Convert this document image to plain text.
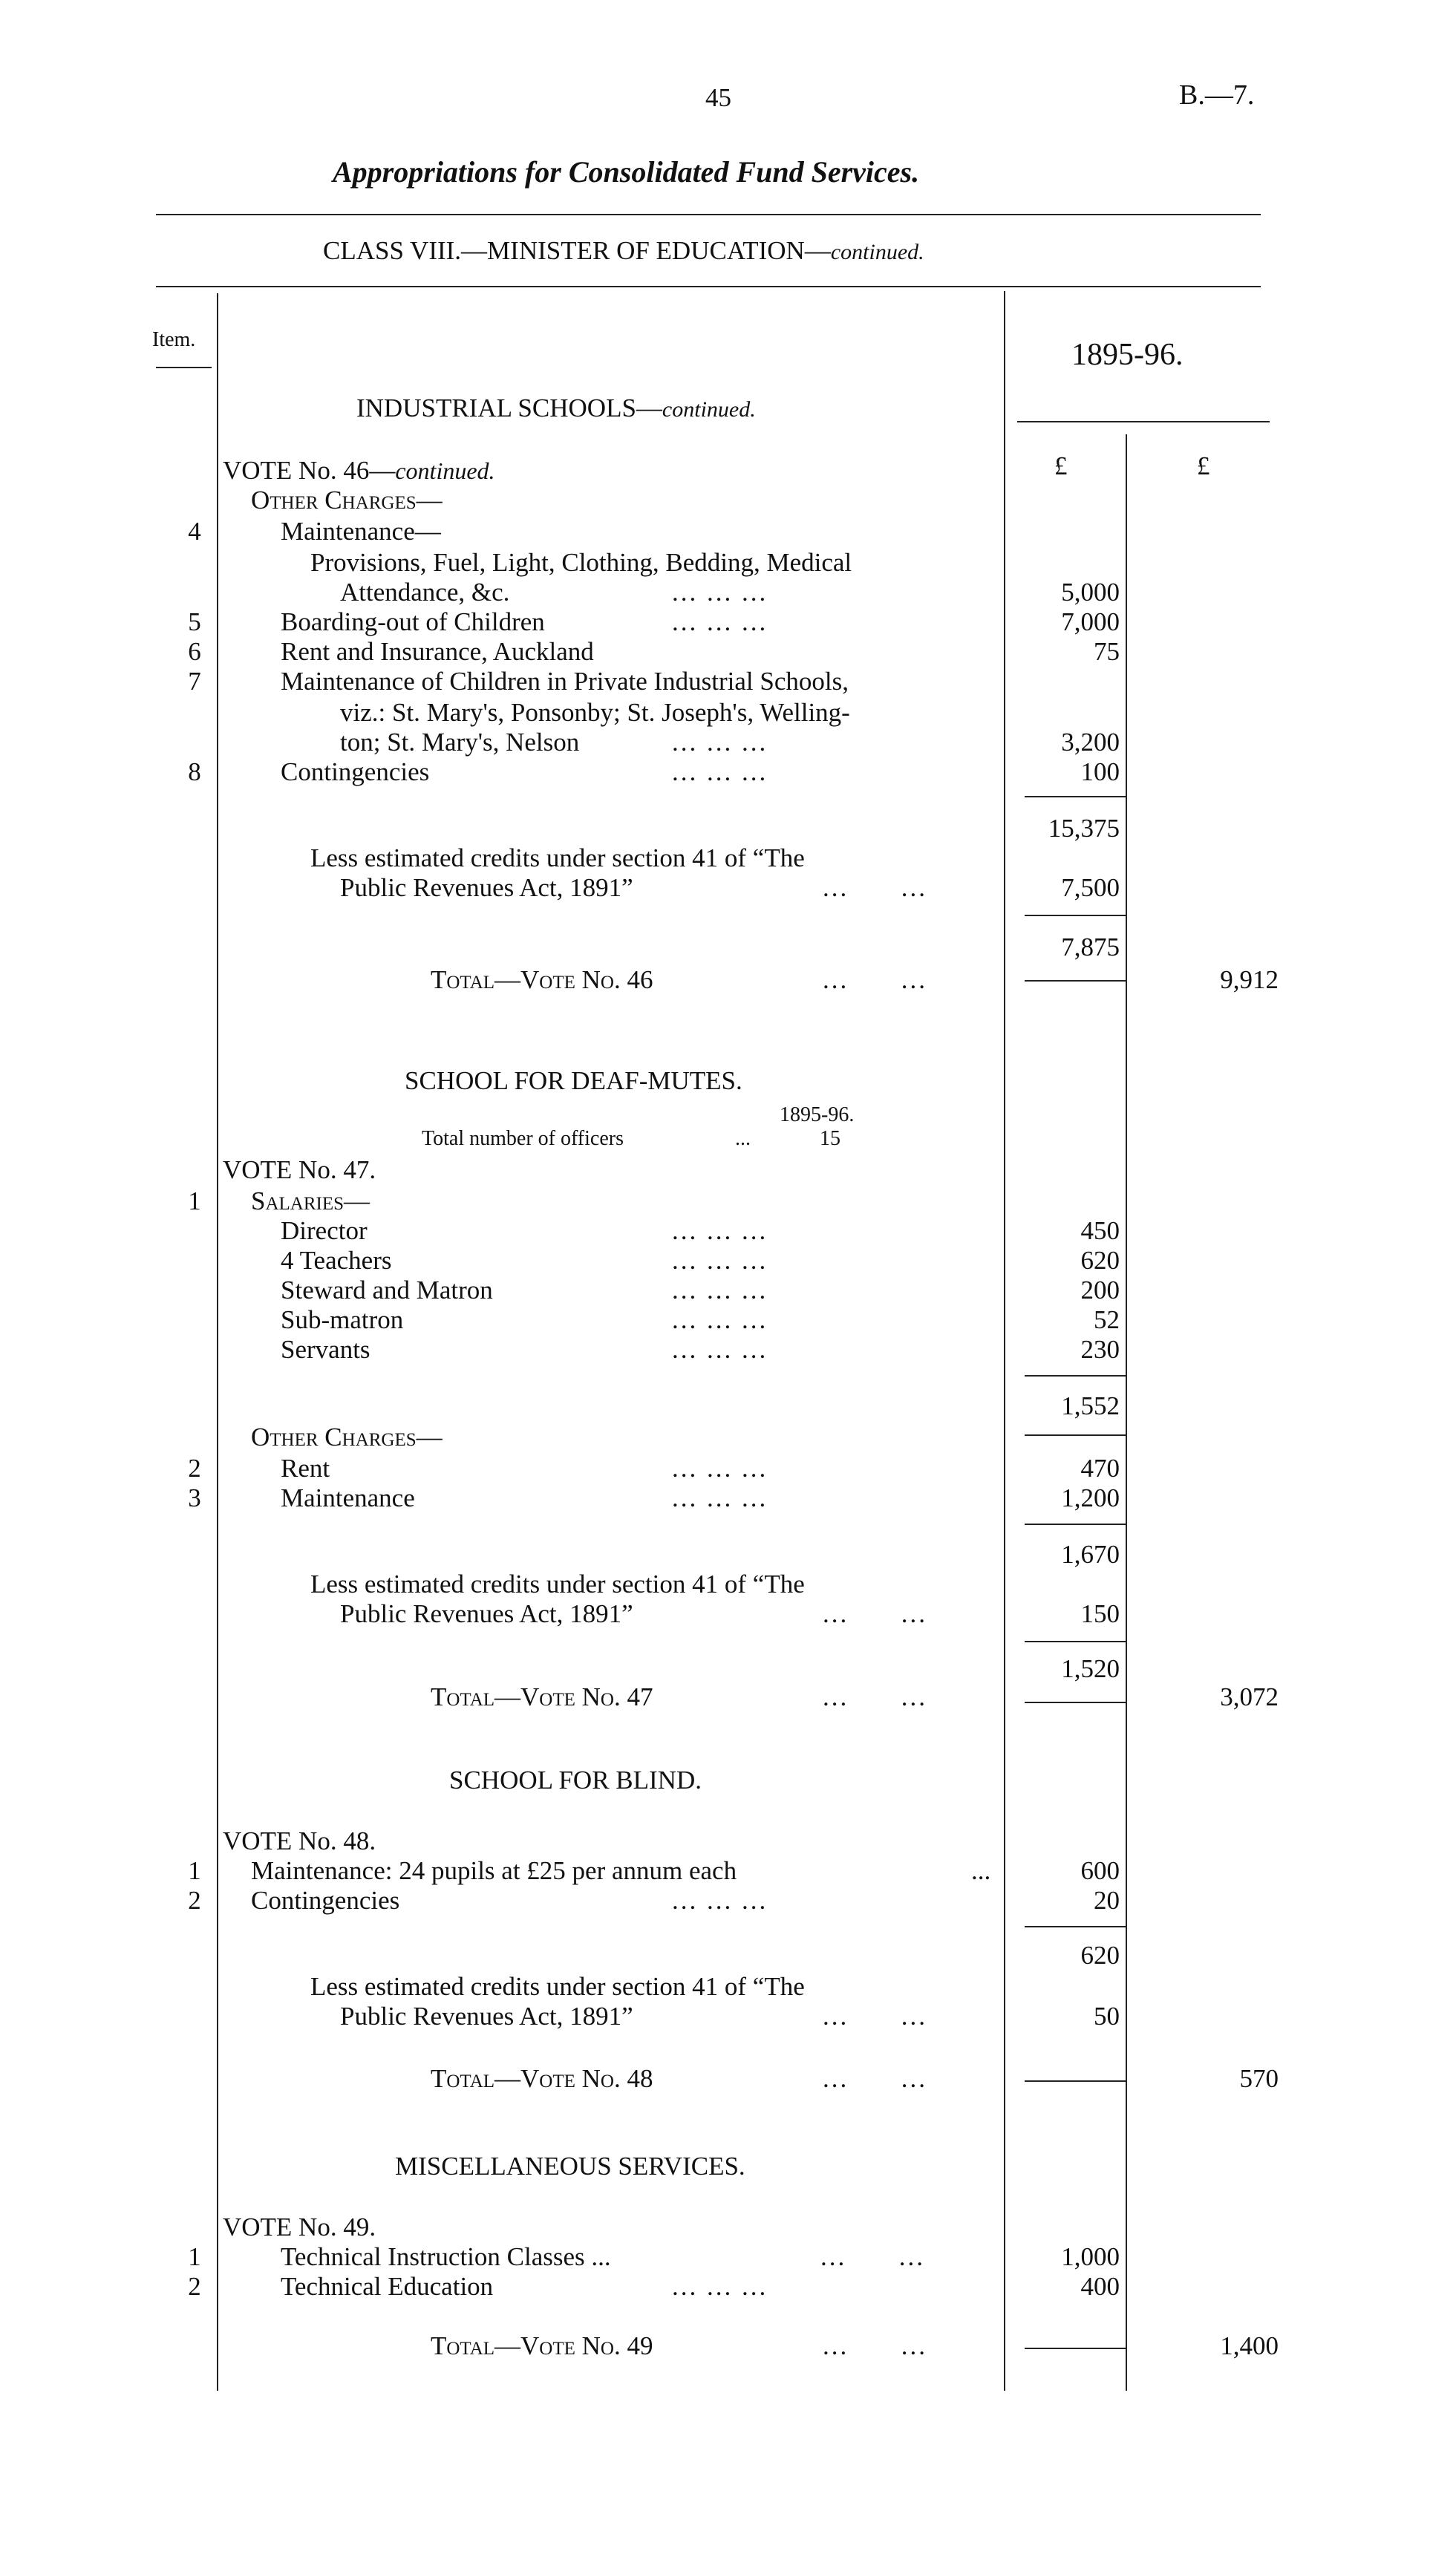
45	B.—7.
Appropriations for Consolidated Fund Services.
CLASS VIII.—MINISTER OF EDUCATION—continued.
Item.	1895-96.
£	£
INDUSTRIAL SCHOOLS—continued.
VOTE No. 46—continued.
Other Charges—
4	Maintenance—
Provisions, Fuel, Light, Clothing, Bedding, Medical
Attendance, &c.	... ... ...	5,000
5	Boarding-out of Children	... ... ...	7,000
6	Rent and Insurance, Auckland	75
7	Maintenance of Children in Private Industrial Schools,
viz.: St. Mary's, Ponsonby; St. Joseph's, Welling-
ton; St. Mary's, Nelson	... ... ...	3,200
8	Contingencies	... ... ...	100
15,375
Less estimated credits under section 41 of “The
Public Revenues Act, 1891”	...      ...	7,500
7,875
Total—Vote No. 46	...      ...	9,912
SCHOOL FOR DEAF-MUTES.
1895-96.
Total number of officers	...	15
VOTE No. 47.
1	Salaries—
Director	... ... ...	450
4 Teachers	... ... ...	620
Steward and Matron	... ... ...	200
Sub-matron	... ... ...	52
Servants	... ... ...	230
1,552
Other Charges—
2	Rent	... ... ...	470
3	Maintenance	... ... ...	1,200
1,670
Less estimated credits under section 41 of “The
Public Revenues Act, 1891”	...      ...	150
1,520
Total—Vote No. 47	...      ...	3,072
SCHOOL FOR BLIND.
VOTE No. 48.
1	Maintenance: 24 pupils at £25 per annum each	...	600
2	Contingencies	... ... ...	20
620
Less estimated credits under section 41 of “The
Public Revenues Act, 1891”	...      ...	50
Total—Vote No. 48	...      ...	570
MISCELLANEOUS SERVICES.
VOTE No. 49.
1	Technical Instruction Classes ...	...      ...	1,000
2	Technical Education	... ... ...	400
Total—Vote No. 49	...      ...	1,400
